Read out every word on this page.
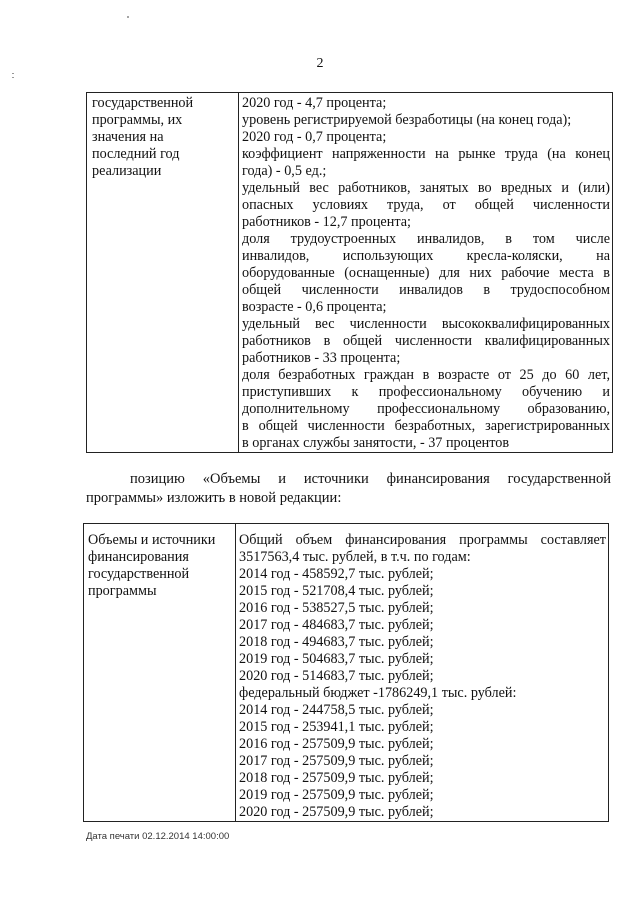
2
государственной
программы, их
значения на
последний год
реализации

2020 год - 4,7 процента;
уровень регистрируемой безработицы (на конец года);
2020 год - 0,7 процента;
коэффициент напряженности на рынке труда (на конец
года) - 0,5 ед.;
удельный вес работников, занятых во вредных и (или)
опасных условиях труда, от общей численности
работников - 12,7 процента;
доля трудоустроенных инвалидов, в том числе
инвалидов, использующих кресла-коляски, на
оборудованные (оснащенные) для них рабочие места в
общей численности инвалидов в трудоспособном
возрасте - 0,6 процента;
удельный вес численности высококвалифицированных
работников в общей численности квалифицированных
работников - 33 процента;
доля безработных граждан в возрасте от 25 до 60 лет,
приступивших к профессиональному обучению и
дополнительному профессиональному образованию,
в общей численности безработных, зарегистрированных
в органах службы занятости, - 37 процентов
позицию «Объемы и источники финансирования государственной
программы» изложить в новой редакции:
Объемы и источники
финансирования
государственной
программы

Общий объем финансирования программы составляет
3517563,4 тыс. рублей, в т.ч. по годам:
2014 год - 458592,7 тыс. рублей;
2015 год - 521708,4 тыс. рублей;
2016 год - 538527,5 тыс. рублей;
2017 год - 484683,7 тыс. рублей;
2018 год - 494683,7 тыс. рублей;
2019 год - 504683,7 тыс. рублей;
2020 год - 514683,7 тыс. рублей;
федеральный бюджет -1786249,1 тыс. рублей:
2014 год - 244758,5 тыс. рублей;
2015 год - 253941,1 тыс. рублей;
2016 год - 257509,9 тыс. рублей;
2017 год - 257509,9 тыс. рублей;
2018 год - 257509,9 тыс. рублей;
2019 год - 257509,9 тыс. рублей;
2020 год - 257509,9 тыс. рублей;
Дата печати 02.12.2014 14:00:00
